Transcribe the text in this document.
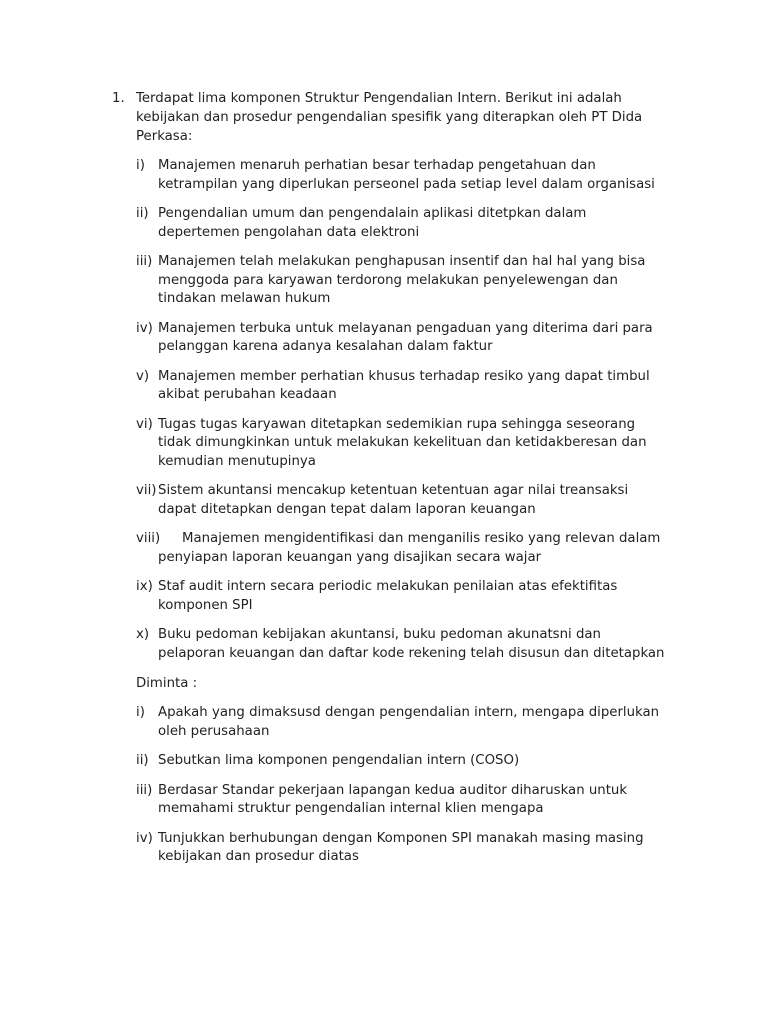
1. Terdapat lima komponen Struktur Pengendalian Intern. Berikut ini adalah

kebijakan dan prosedur pengendalian spesifik yang diterapkan oleh PT Dida

Perkasa:

i) Manajemen menaruh perhatian besar terhadap pengetahuan dan
ketrampilan yang diperlukan perseonel pada setiap level dalam organisasi
ii) Pengendalian umum dan pengendalain aplikasi ditetpkan dalam
depertemen pengolahan data elektroni
iii) Manajemen telah melakukan penghapusan insentif dan hal hal yang bisa
menggoda para karyawan terdorong melakukan penyelewengan dan
tindakan melawan hukum
iv) Manajemen terbuka untuk melayanan pengaduan yang diterima dari para
pelanggan karena adanya kesalahan dalam faktur
v) Manajemen member perhatian khusus terhadap resiko yang dapat timbul
akibat perubahan keadaan
vi) Tugas tugas karyawan ditetapkan sedemikian rupa sehingga seseorang
tidak dimungkinkan untuk melakukan kekelituan dan ketidakberesan dan
kemudian menutupinya
vii) Sistem akuntansi mencakup ketentuan ketentuan agar nilai treansaksi
dapat ditetapkan dengan tepat dalam laporan keuangan
viii)	Manajemen mengidentifikasi dan menganilis resiko yang relevan dalam
penyiapan laporan keuangan yang disajikan secara wajar
ix) Staf audit intern secara periodic melakukan penilaian atas efektifitas
komponen SPI
x) Buku pedoman kebijakan akuntansi, buku pedoman akunatsni dan
pelaporan keuangan dan daftar kode rekening telah disusun dan ditetapkan
Diminta :
i) Apakah yang dimaksusd dengan pengendalian intern, mengapa diperlukan
oleh perusahaan
ii) Sebutkan lima komponen pengendalian intern (COSO)
iii) Berdasar Standar pekerjaan lapangan kedua auditor diharuskan untuk
memahami struktur pengendalian internal klien mengapa
iv) Tunjukkan berhubungan dengan Komponen SPI manakah masing masing
kebijakan dan prosedur diatas
